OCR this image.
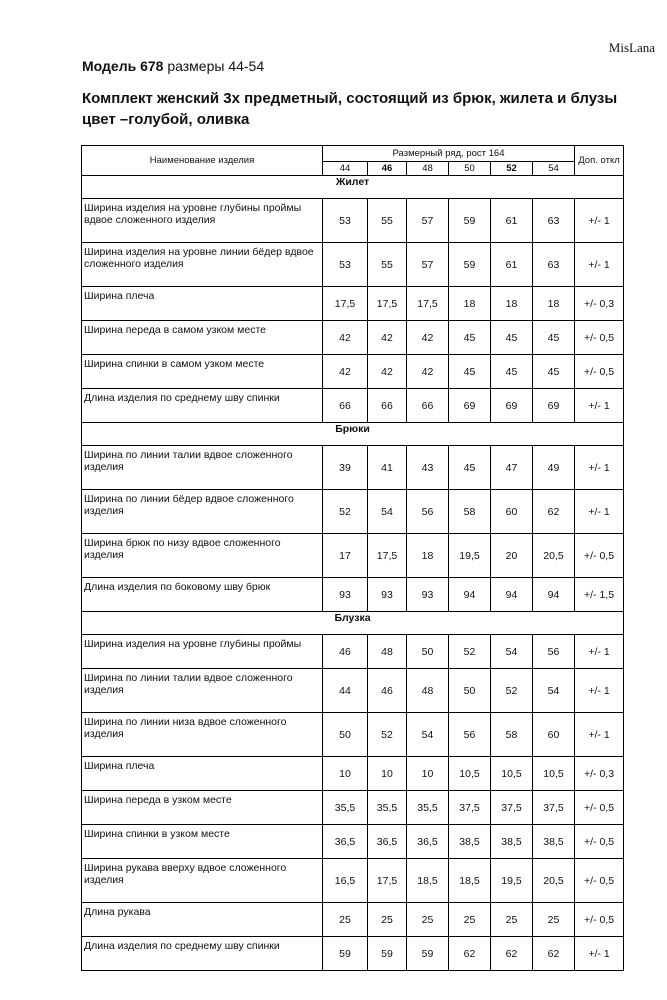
MisLana
Модель 678 размеры 44-54
Комплект женский 3х предметный, состоящий из брюк, жилета и блузы цвет –голубой, оливка
Наименование изделия	Размерный ряд, рост 164						Доп. откл
	44	46	48	50	52	54	
Жилет							
Ширина изделия на уровне глубины проймы вдвое сложенного изделия	53	55	57	59	61	63	+/- 1
Ширина изделия на уровне линии бёдер вдвое сложенного изделия	53	55	57	59	61	63	+/- 1
Ширина плеча	17,5	17,5	17,5	18	18	18	+/- 0,3
Ширина переда в самом узком месте	42	42	42	45	45	45	+/- 0,5
Ширина спинки в самом узком месте	42	42	42	45	45	45	+/- 0,5
Длина изделия по среднему шву спинки	66	66	66	69	69	69	+/- 1
Брюки							
Ширина по линии талии вдвое сложенного изделия	39	41	43	45	47	49	+/- 1
Ширина по линии бёдер вдвое сложенного изделия	52	54	56	58	60	62	+/- 1
Ширина брюк по низу вдвое сложенного изделия	17	17,5	18	19,5	20	20,5	+/- 0,5
Длина изделия по боковому шву брюк	93	93	93	94	94	94	+/- 1,5
Блузка							
Ширина изделия на уровне глубины проймы	46	48	50	52	54	56	+/- 1
Ширина по линии талии вдвое сложенного изделия	44	46	48	50	52	54	+/- 1
Ширина по линии низа вдвое сложенного изделия	50	52	54	56	58	60	+/- 1
Ширина плеча	10	10	10	10,5	10,5	10,5	+/- 0,3
Ширина переда в узком месте	35,5	35,5	35,5	37,5	37,5	37,5	+/- 0,5
Ширина спинки в узком месте	36,5	36,5	36,5	38,5	38,5	38,5	+/- 0,5
Ширина рукава вверху вдвое сложенного изделия	16,5	17,5	18,5	18,5	19,5	20,5	+/- 0,5
Длина рукава	25	25	25	25	25	25	+/- 0,5
Длина изделия по среднему шву спинки	59	59	59	62	62	62	+/- 1
